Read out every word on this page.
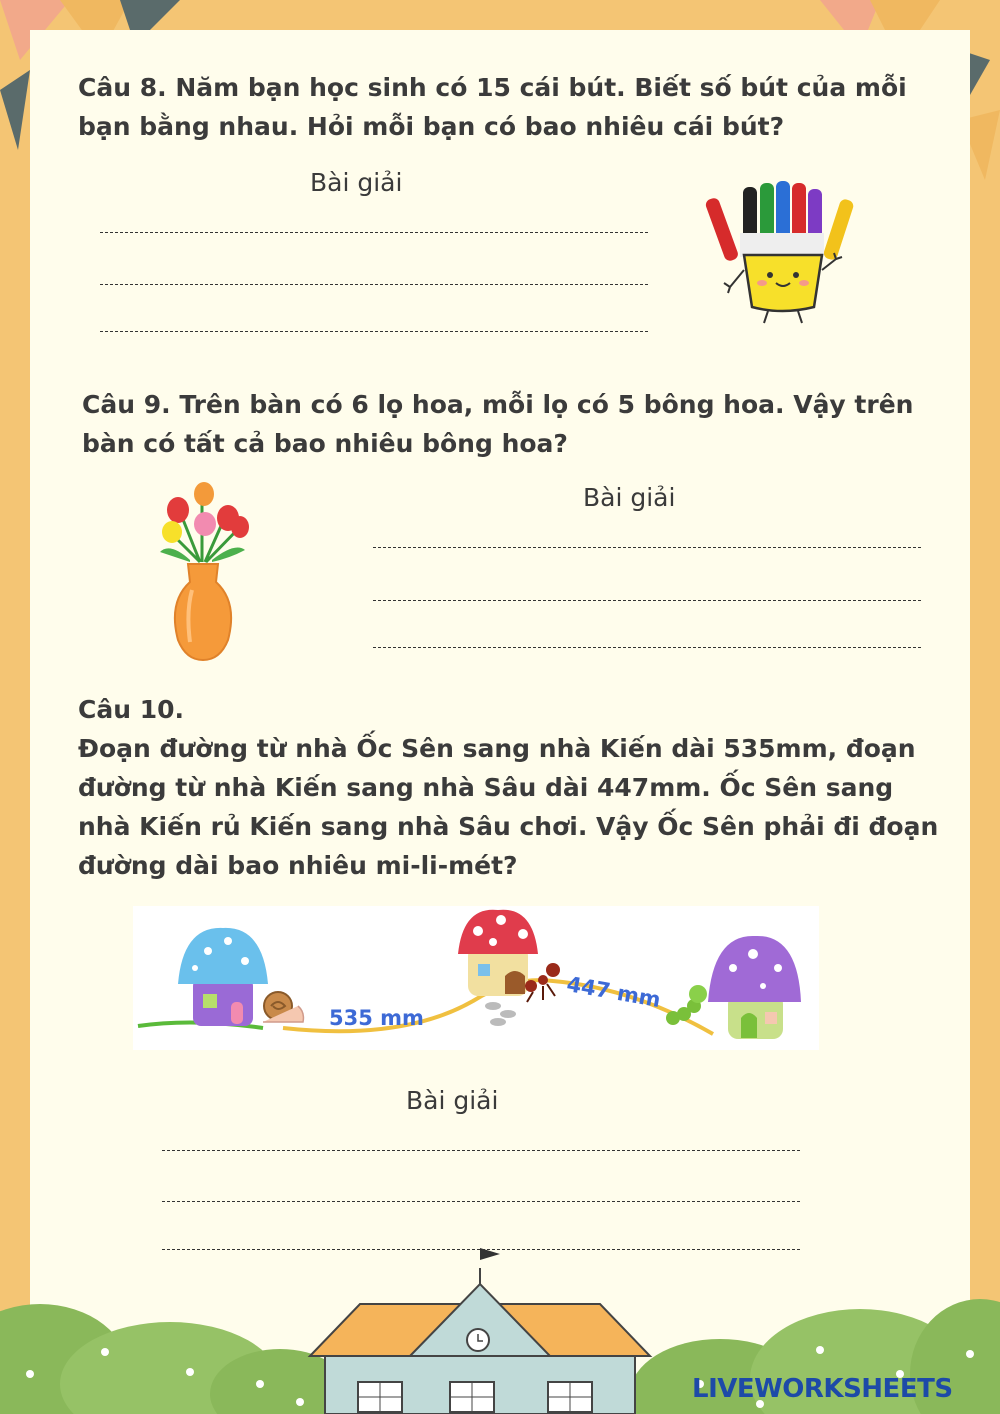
Câu 8. Năm bạn học sinh có 15 cái bút. Biết số bút của mỗi

bạn bằng nhau. Hỏi mỗi bạn có bao nhiêu cái bút?

Bài giải

Câu 9. Trên bàn có 6 lọ hoa, mỗi lọ có 5 bông hoa. Vậy trên

bàn có tất cả bao nhiêu bông hoa?

Bài giải

Câu 10.

Đoạn đường từ nhà Ốc Sên sang nhà Kiến dài 535mm, đoạn

đường từ nhà Kiến sang nhà Sâu dài 447mm. Ốc Sên sang

nhà Kiến rủ Kiến sang nhà Sâu chơi. Vậy Ốc Sên phải đi đoạn

đường dài bao nhiêu mi-li-mét?

535 mm
447 mm
Bài giải
LIVEWORKSHEETS
